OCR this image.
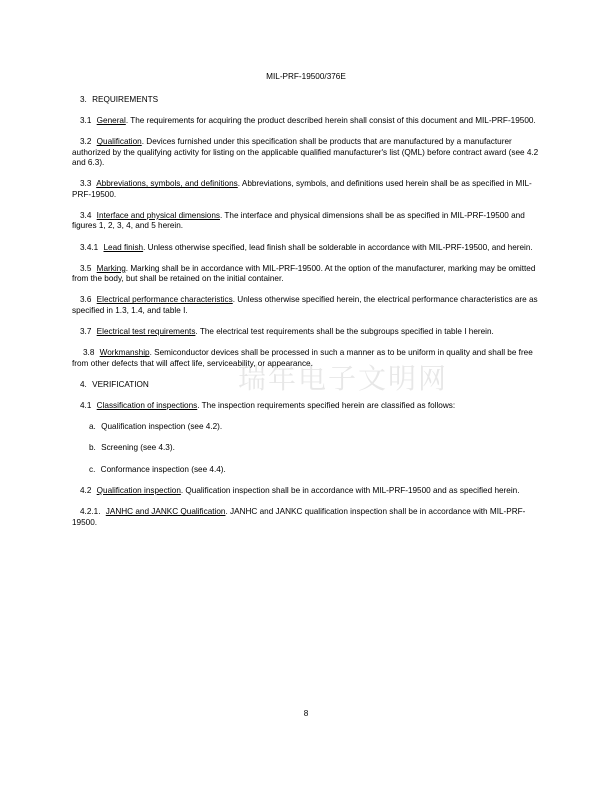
MIL-PRF-19500/376E
瑞年电子文明网

3. REQUIREMENTS

3.1 General. The requirements for acquiring the product described herein shall consist of this document and MIL-PRF-19500.

3.2 Qualification. Devices furnished under this specification shall be products that are manufactured by a manufacturer authorized by the qualifying activity for listing on the applicable qualified manufacturer's list (QML) before contract award (see 4.2 and 6.3).

3.3 Abbreviations, symbols, and definitions. Abbreviations, symbols, and definitions used herein shall be as specified in MIL-PRF-19500.

3.4 Interface and physical dimensions. The interface and physical dimensions shall be as specified in MIL-PRF-19500 and figures 1, 2, 3, 4, and 5 herein.

3.4.1 Lead finish. Unless otherwise specified, lead finish shall be solderable in accordance with MIL-PRF-19500, and herein.

3.5 Marking. Marking shall be in accordance with MIL-PRF-19500. At the option of the manufacturer, marking may be omitted from the body, but shall be retained on the initial container.

3.6 Electrical performance characteristics. Unless otherwise specified herein, the electrical performance characteristics are as specified in 1.3, 1.4, and table I.

3.7 Electrical test requirements. The electrical test requirements shall be the subgroups specified in table I herein.

3.8 Workmanship. Semiconductor devices shall be processed in such a manner as to be uniform in quality and shall be free from other defects that will affect life, serviceability, or appearance.

4. VERIFICATION

4.1 Classification of inspections. The inspection requirements specified herein are classified as follows:

a. Qualification inspection (see 4.2).

b. Screening (see 4.3).

c. Conformance inspection (see 4.4).

4.2 Qualification inspection. Qualification inspection shall be in accordance with MIL-PRF-19500 and as specified herein.

4.2.1. JANHC and JANKC Qualification. JANHC and JANKC qualification inspection shall be in accordance with MIL-PRF-19500.

8
